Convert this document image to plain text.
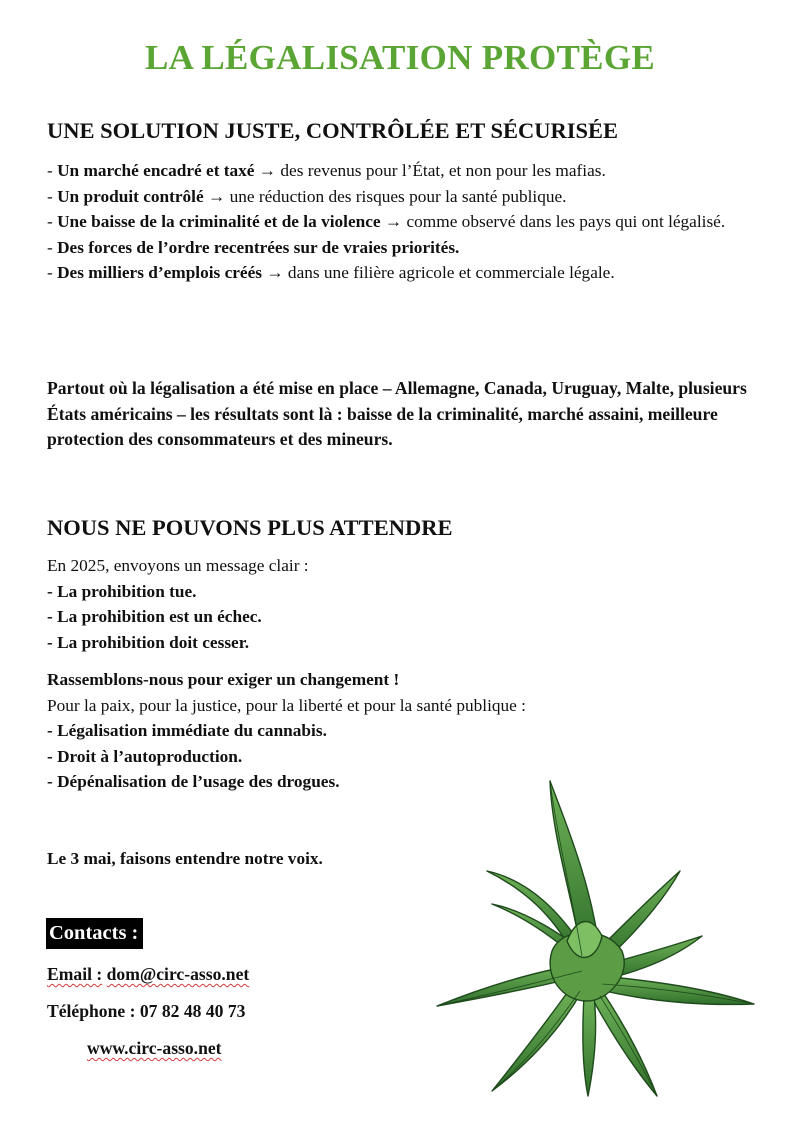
LA LÉGALISATION PROTÈGE
UNE SOLUTION JUSTE, CONTRÔLÉE ET SÉCURISÉE

- Un marché encadré et taxé → des revenus pour l’État, et non pour les mafias.

- Un produit contrôlé → une réduction des risques pour la santé publique.

- Une baisse de la criminalité et de la violence → comme observé dans les pays qui ont légalisé.

- Des forces de l’ordre recentrées sur de vraies priorités.

- Des milliers d’emplois créés → dans une filière agricole et commerciale légale.

Partout où la légalisation a été mise en place – Allemagne, Canada, Uruguay, Malte, plusieurs États américains – les résultats sont là : baisse de la criminalité, marché assaini, meilleure protection des consommateurs et des mineurs.
NOUS NE POUVONS PLUS ATTENDRE

En 2025, envoyons un message clair :

- La prohibition tue.

- La prohibition est un échec.

- La prohibition doit cesser.

Rassemblons-nous pour exiger un changement !

Pour la paix, pour la justice, pour la liberté et pour la santé publique :

- Légalisation immédiate du cannabis.

- Droit à l’autoproduction.

- Dépénalisation de l’usage des drogues.

Le 3 mai, faisons entendre notre voix.

Contacts :
Email : dom@circ-asso.net
Téléphone : 07 82 48 40 73
www.circ-asso.net
